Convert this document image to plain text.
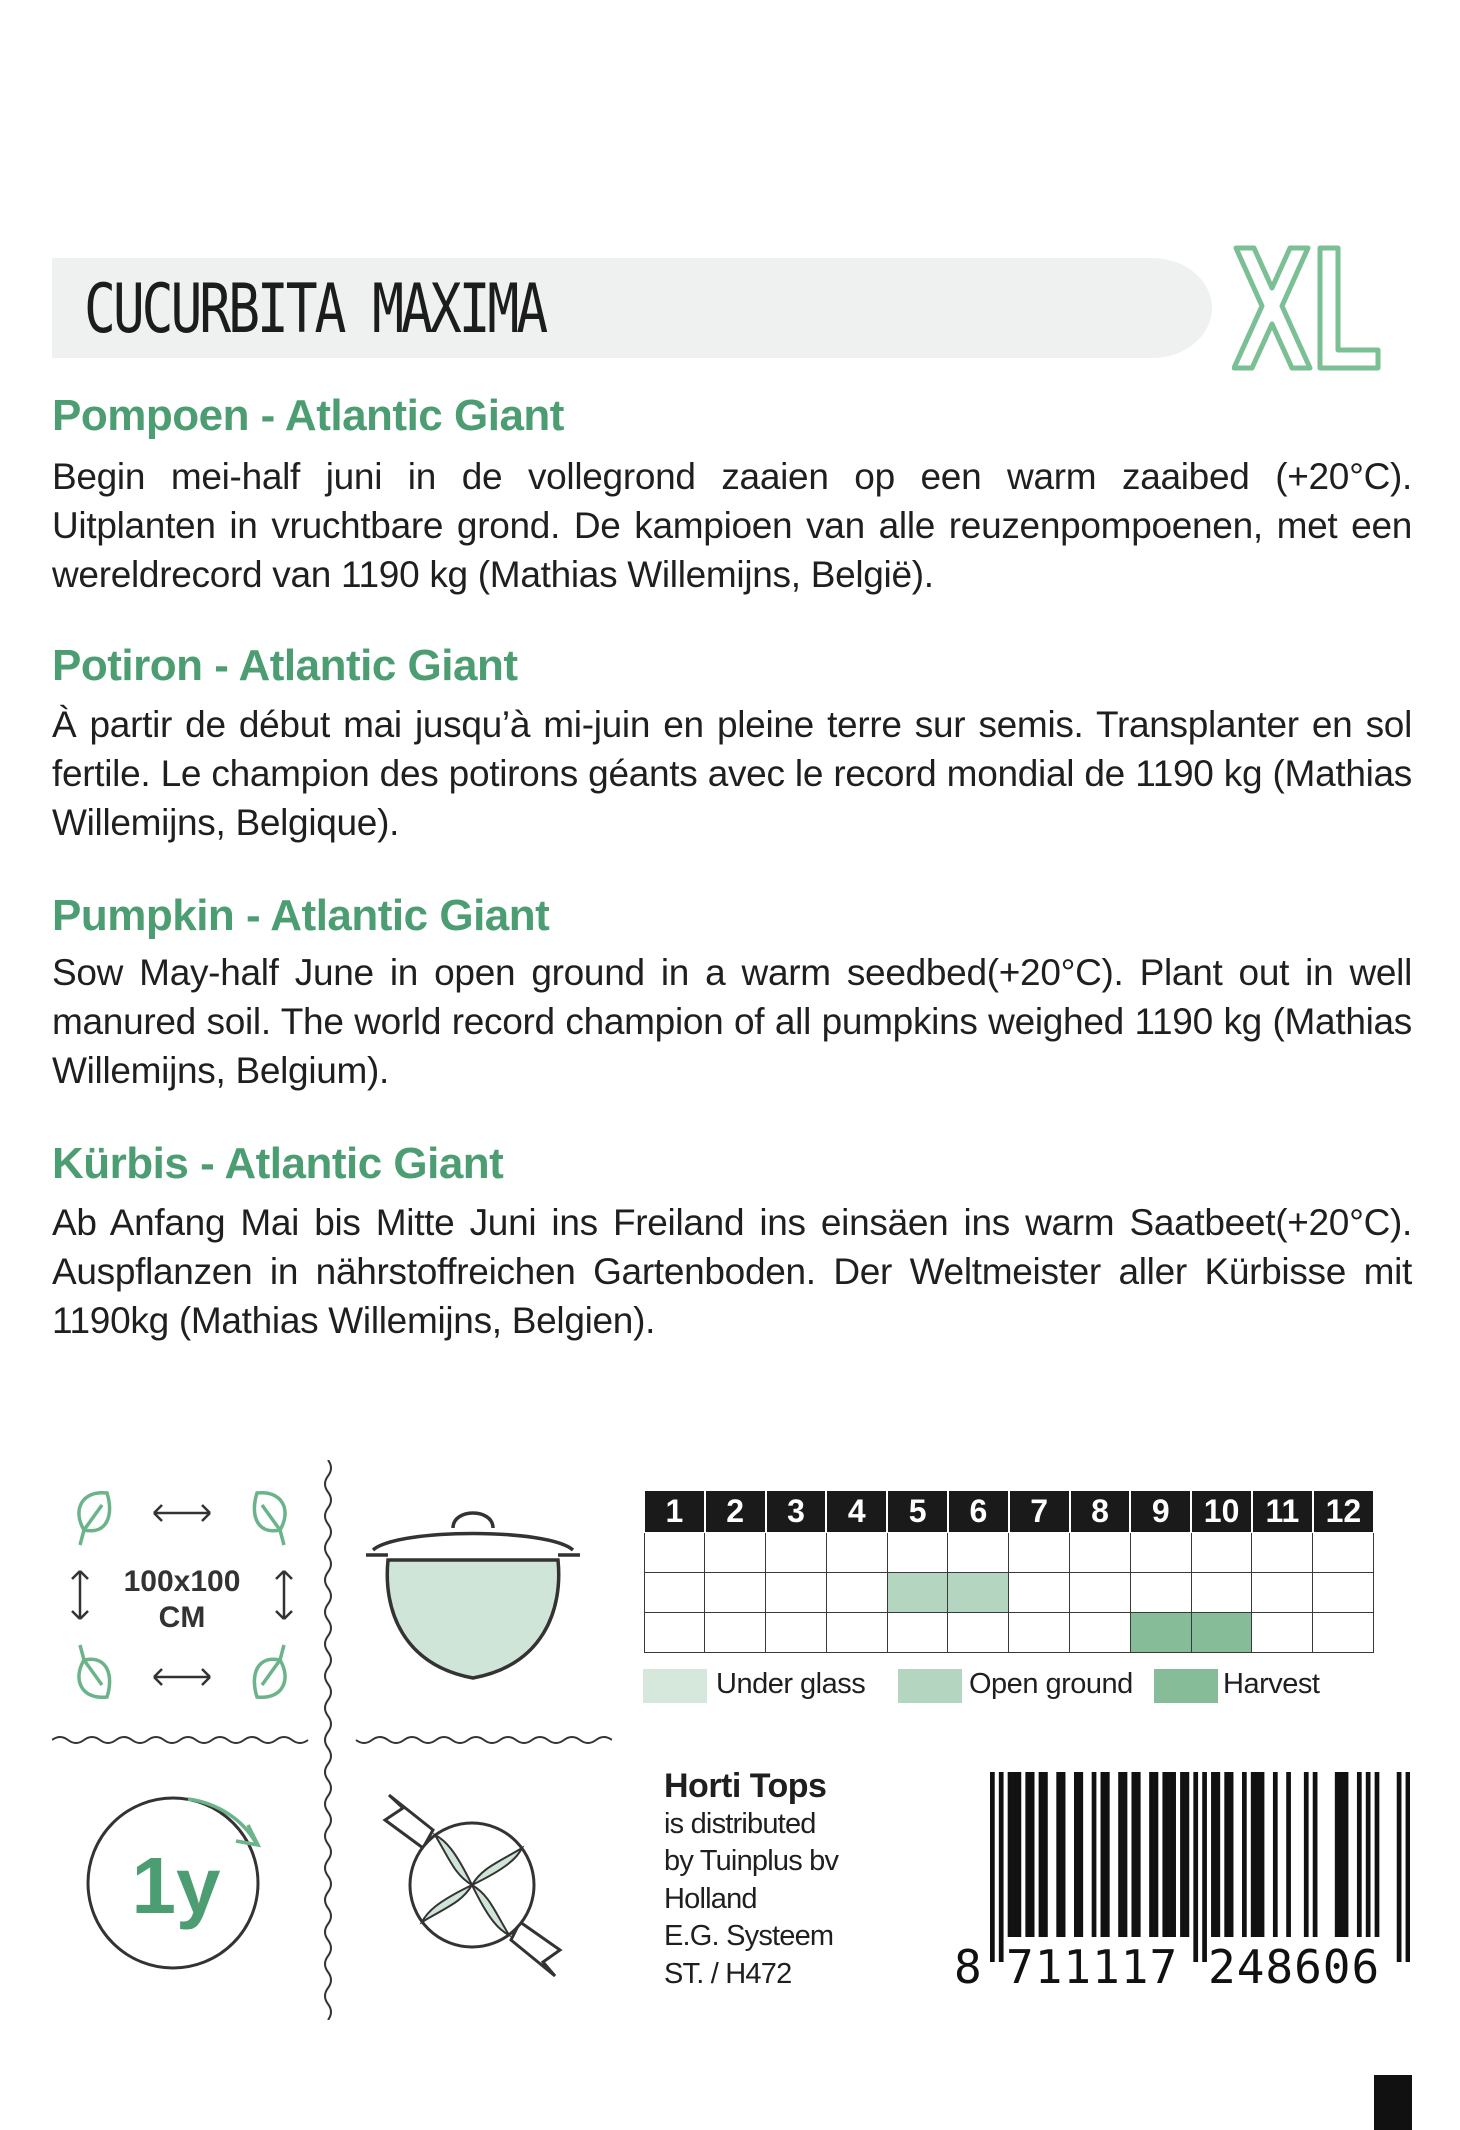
CUCURBITA MAXIMA
XL
Pompoen - Atlantic Giant
Begin mei-half juni in de vollegrond zaaien op een warm zaaibed (+20°C). Uitplanten in vruchtbare grond. De kampioen van alle reuzenpompoenen, met een wereldrecord van 1190 kg (Mathias Willemijns, België).
Potiron - Atlantic Giant
À partir de début mai jusqu’à mi-juin en pleine terre sur semis. Transplanter en sol fertile. Le champion des potirons géants avec le record mondial de 1190 kg (Mathias Willemijns, Belgique).
Pumpkin - Atlantic Giant
Sow May-half June in open ground in a warm seedbed(+20°C). Plant out in well manured soil. The world record champion of all pumpkins weighed 1190 kg (Mathias Willemijns, Belgium).
Kürbis - Atlantic Giant
Ab Anfang Mai bis Mitte Juni ins Freiland ins einsäen ins warm Saatbeet(+20°C). Auspflanzen in nährstoffreichen Gartenboden. Der Weltmeister aller Kürbisse mit 1190kg (Mathias Willemijns, Belgien).
100x100
CM
1y
1	2	3	4	5	6	7	8	9	10	11	12

Under glass	Open ground	Harvest
Horti Tops
is distributed
by Tuinplus bv
Holland
E.G. Systeem
ST. / H472	8 711117 248606
